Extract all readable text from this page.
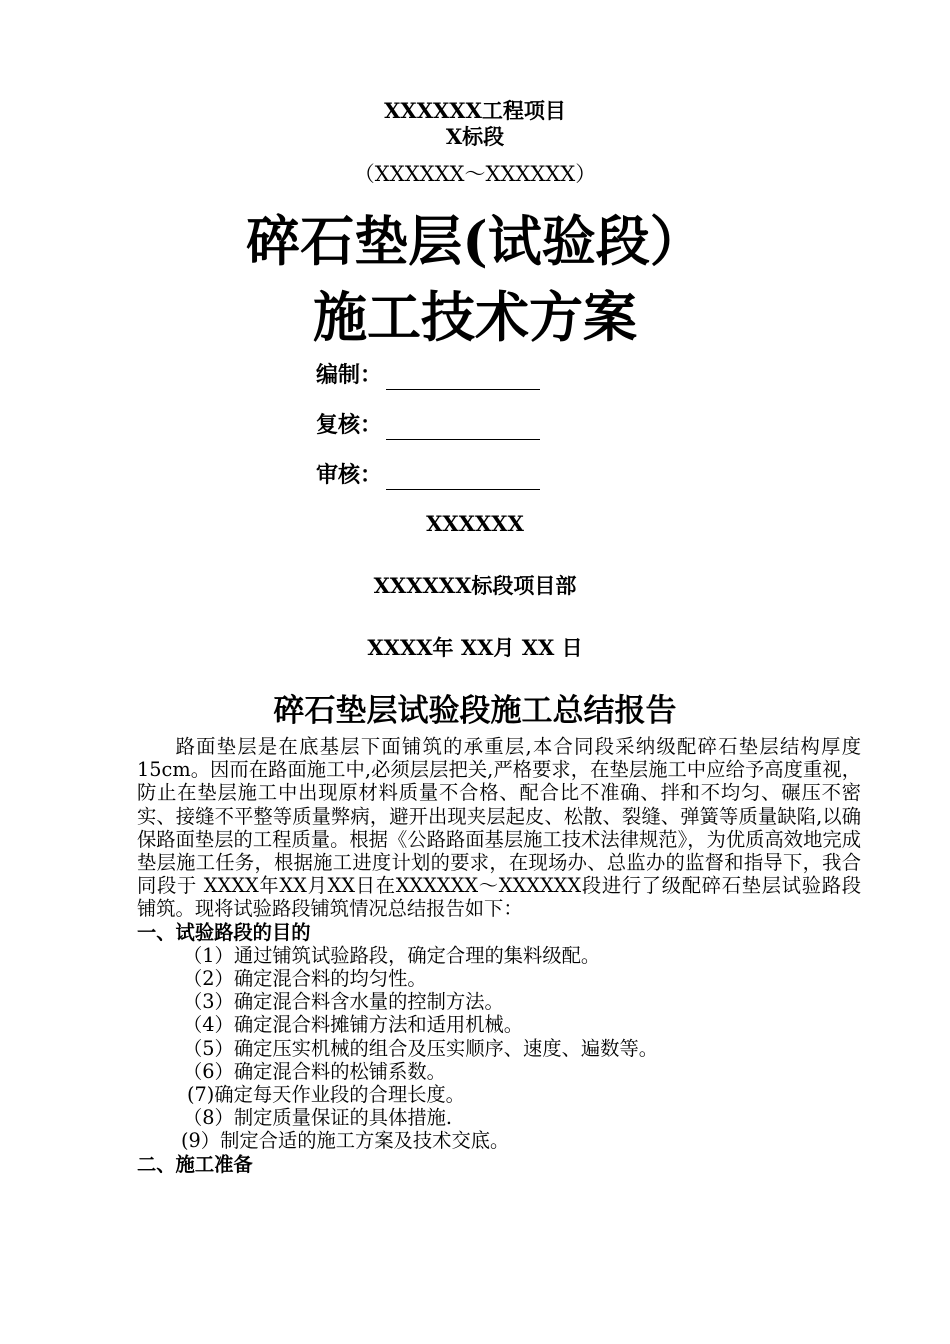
XXXXXX工程项目
X标段
（XXXXXX～XXXXXX）
碎石垫层(试验段）
施工技术方案
编制：
复核：
审核：
XXXXXX
XXXXXX标段项目部
XXXX年 XX月 XX 日
碎石垫层试验段施工总结报告

路面垫层是在底基层下面铺筑的承重层,本合同段采纳级配碎石垫层结构厚度15cm。因而在路面施工中,必须层层把关,严格要求，在垫层施工中应给予高度重视，防止在垫层施工中出现原材料质量不合格、配合比不准确、拌和不均匀、碾压不密实、接缝不平整等质量弊病，避开出现夹层起皮、松散、裂缝、弹簧等质量缺陷,以确保路面垫层的工程质量。根据《公路路面基层施工技术法律规范》，为优质高效地完成垫层施工任务，根据施工进度计划的要求，在现场办、总监办的监督和指导下，我合同段于 XXXX年XX月XX日在XXXXXX～XXXXXX段进行了级配碎石垫层试验路段铺筑。现将试验路段铺筑情况总结报告如下：

一、试验路段的目的

（1）通过铺筑试验路段，确定合理的集料级配。

（2）确定混合料的均匀性。

（3）确定混合料含水量的控制方法。

（4）确定混合料摊铺方法和适用机械。

（5）确定压实机械的组合及压实顺序、速度、遍数等。

（6）确定混合料的松铺系数。

(7)确定每天作业段的合理长度。

（8）制定质量保证的具体措施.

(9）制定合适的施工方案及技术交底。

二、施工准备
